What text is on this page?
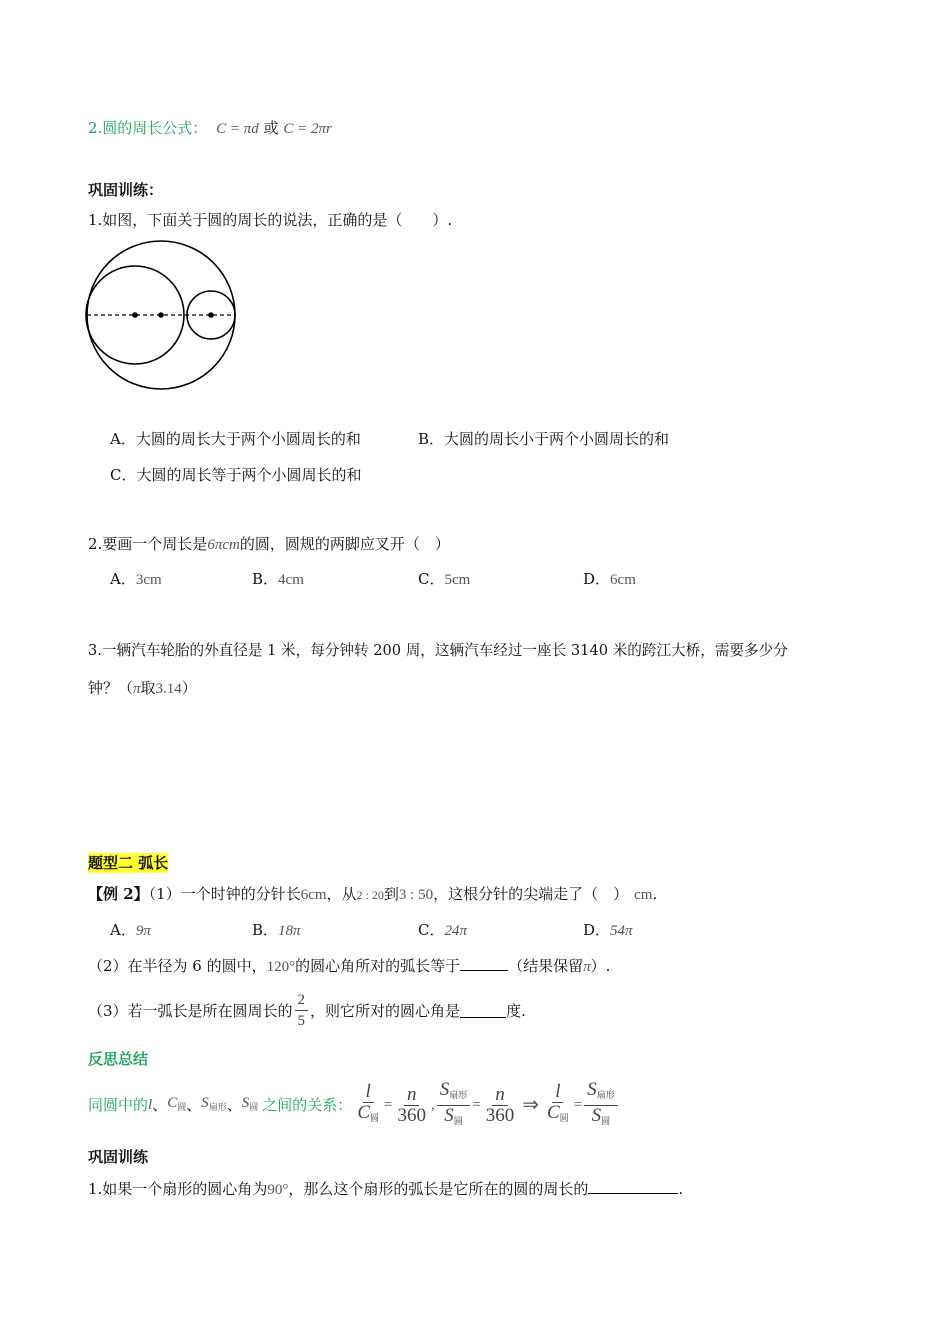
2.圆的周长公式： C = πd 或 C = 2πr
巩固训练：
1.如图，下面关于圆的周长的说法，正确的是（　　）.
A．大圆的周长大于两个小圆周长的和	B．大圆的周长小于两个小圆周长的和
C．大圆的周长等于两个小圆周长的和
2.要画一个周长是6πcm的圆，圆规的两脚应叉开（　）
A．3cm	B．4cm	C．5cm	D．6cm
3.一辆汽车轮胎的外直径是 1 米，每分钟转 200 周，这辆汽车经过一座长 3140 米的跨江大桥，需要多少分
钟？（π取3.14）
题型二 弧长
【例 2】（1）一个时钟的分针长6cm，从2 : 20到3 : 50，这根分针的尖端走了（　） cm.
A．9π	B．18π	C．24π	D．54π
（2）在半径为 6 的圆中，120°的圆心角所对的弧长等于	（结果保留π）.
（3）若一弧长是所在圆周长的 $\frac{2}{5}$ ，则它所对的圆心角是	度.
反思总结
同圆中的 l 、 $C_圆$ 、 $S_{扇形}$ 、 $S_圆$ 之间的关系： $\frac{l}{C_圆} = \frac{n}{360}$ , $\frac{S_{扇形}}{S_圆} = \frac{n}{360}$ ⇒ $\frac{l}{C_圆} = \frac{S_{扇形}}{S_圆}$
巩固训练
1.如果一个扇形的圆心角为90°，那么这个扇形的弧长是它所在的圆的周长的	.
